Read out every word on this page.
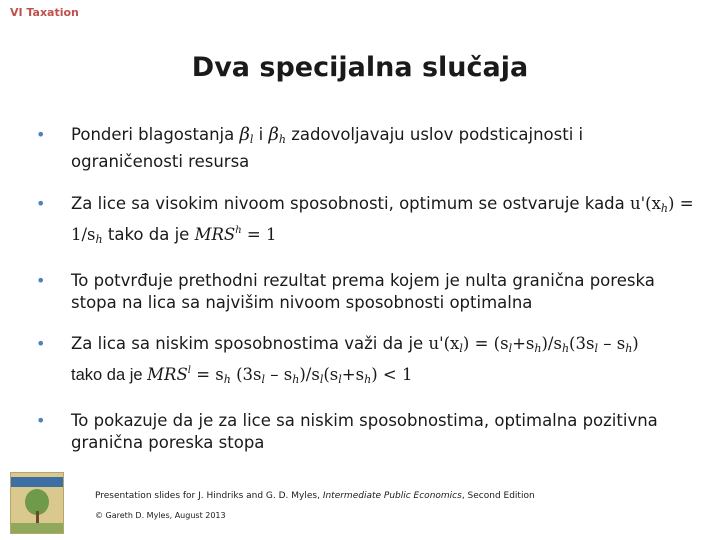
VI Taxation
Dva specijalna slučaja
• Ponderi blagostanja $\beta_l$ i $\beta_h$ zadovoljavaju uslov podsticajnosti i ograničenosti resursa
• Za lice sa visokim nivoom sposobnosti, optimum se ostvaruje kada $u'(x_h) = 1/s_h$ tako da je $MRS^h = 1$
• To potvrđuje prethodni rezultat prema kojem je nulta granična poreska stopa na lica sa najvišim nivoom sposobnosti optimalna
• Za lica sa niskim sposobnostima važi da je $u'(x_l) = (s_l+s_h)/s_h(3s_l - s_h)$
tako da je $MRS^l = s_h$ $(3s_l - s_h)/s_l(s_l+s_h) < 1$
• To pokazuje da je za lice sa niskim sposobnostima, optimalna pozitivna granična poreska stopa
Presentation slides for J. Hindriks and G. D. Myles, Intermediate Public Economics, Second Edition
© Gareth D. Myles, August 2013
